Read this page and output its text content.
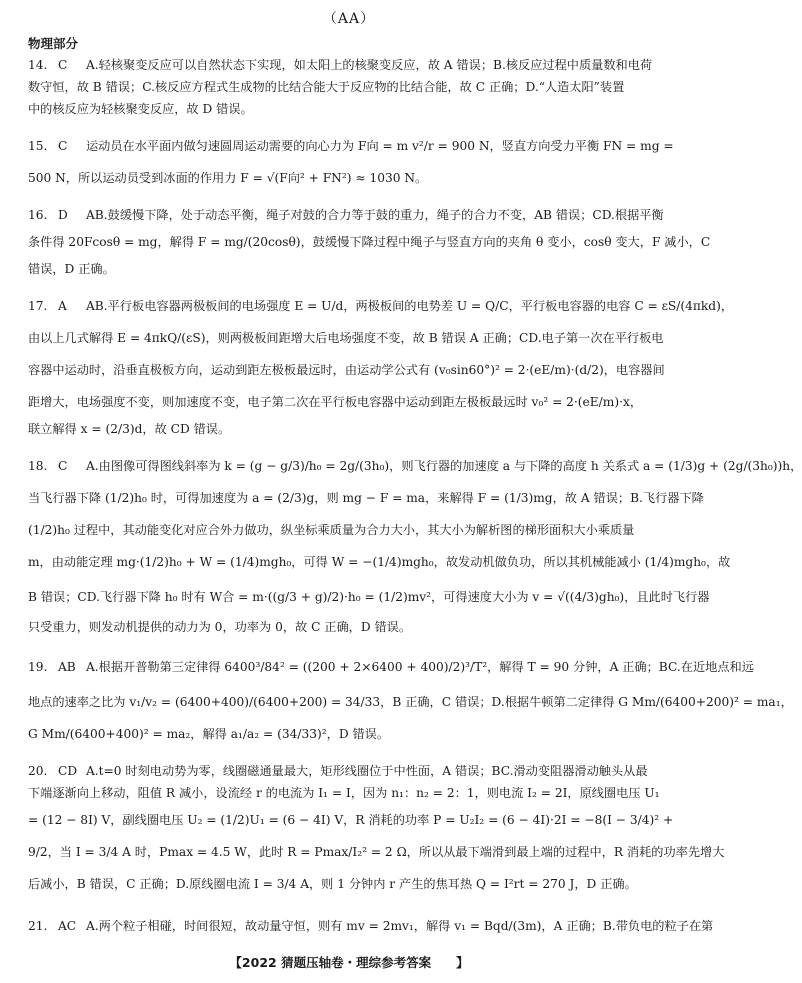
（AA）
物理部分
14. C A.轻核聚变反应可以自然状态下实现，如太阳上的核聚变反应，故 A 错误；B.核反应过程中质量数和电荷
数守恒，故 B 错误；C.核反应方程式生成物的比结合能大于反应物的比结合能，故 C 正确；D.“人造太阳”装置
中的核反应为轻核聚变反应，故 D 错误。
15. C 运动员在水平面内做匀速圆周运动需要的向心力为 F向 = m v²/r = 900 N，竖直方向受力平衡 FN = mg =
500 N，所以运动员受到冰面的作用力 F = √(F向² + FN²) ≈ 1030 N。
16. D AB.鼓缓慢下降，处于动态平衡，绳子对鼓的合力等于鼓的重力，绳子的合力不变，AB 错误；CD.根据平衡
条件得 20Fcosθ = mg，解得 F = mg/(20cosθ)，鼓缓慢下降过程中绳子与竖直方向的夹角 θ 变小，cosθ 变大，F 减小，C
错误，D 正确。
17. A AB.平行板电容器两极板间的电场强度 E = U/d，两极板间的电势差 U = Q/C，平行板电容器的电容 C = εS/(4πkd)，
由以上几式解得 E = 4πkQ/(εS)，则两极板间距增大后电场强度不变，故 B 错误 A 正确；CD.电子第一次在平行板电
容器中运动时，沿垂直极板方向，运动到距左极板最远时，由运动学公式有 (v₀sin60°)² = 2·(eE/m)·(d/2)，电容器间
距增大，电场强度不变，则加速度不变，电子第二次在平行板电容器中运动到距左极板最远时 v₀² = 2·(eE/m)·x，
联立解得 x = (2/3)d，故 CD 错误。
18. C A.由图像可得图线斜率为 k = (g − g/3)/h₀ = 2g/(3h₀)，则飞行器的加速度 a 与下降的高度 h 关系式 a = (1/3)g + (2g/(3h₀))h，
当飞行器下降 (1/2)h₀ 时，可得加速度为 a = (2/3)g，则 mg − F = ma，来解得 F = (1/3)mg，故 A 错误；B.飞行器下降
(1/2)h₀ 过程中，其动能变化对应合外力做功，纵坐标乘质量为合力大小，其大小为解析图的梯形面积大小乘质量
m，由动能定理 mg·(1/2)h₀ + W = (1/4)mgh₀，可得 W = −(1/4)mgh₀，故发动机做负功，所以其机械能减小 (1/4)mgh₀，故
B 错误；CD.飞行器下降 h₀ 时有 W合 = m·((g/3 + g)/2)·h₀ = (1/2)mv²，可得速度大小为 v = √((4/3)gh₀)，且此时飞行器
只受重力，则发动机提供的动力为 0，功率为 0，故 C 正确，D 错误。
19. AB A.根据开普勒第三定律得 6400³/84² = ((200 + 2×6400 + 400)/2)³/T²，解得 T = 90 分钟，A 正确；BC.在近地点和远
地点的速率之比为 v₁/v₂ = (6400+400)/(6400+200) = 34/33，B 正确，C 错误；D.根据牛顿第二定律得 G Mm/(6400+200)² = ma₁，
G Mm/(6400+400)² = ma₂，解得 a₁/a₂ = (34/33)²，D 错误。
20. CD A.t=0 时刻电动势为零，线圈磁通量最大，矩形线圈位于中性面，A 错误；BC.滑动变阻器滑动触头从最
下端逐渐向上移动，阻值 R 减小，设流经 r 的电流为 I₁ = I，因为 n₁：n₂ = 2：1，则电流 I₂ = 2I，原线圈电压 U₁
= (12 − 8I) V，副线圈电压 U₂ = (1/2)U₁ = (6 − 4I) V，R 消耗的功率 P = U₂I₂ = (6 − 4I)·2I = −8(I − 3/4)² +
9/2，当 I = 3/4 A 时，Pmax = 4.5 W，此时 R = Pmax/I₂² = 2 Ω，所以从最下端滑到最上端的过程中，R 消耗的功率先增大
后减小，B 错误，C 正确；D.原线圈电流 I = 3/4 A，则 1 分钟内 r 产生的焦耳热 Q = I²rt = 270 J，D 正确。
21. AC A.两个粒子相碰，时间很短，故动量守恒，则有 mv = 2mv₁，解得 v₁ = Bqd/(3m)，A 正确；B.带负电的粒子在第
【2022 猜题压轴卷・理综参考答案　　】
